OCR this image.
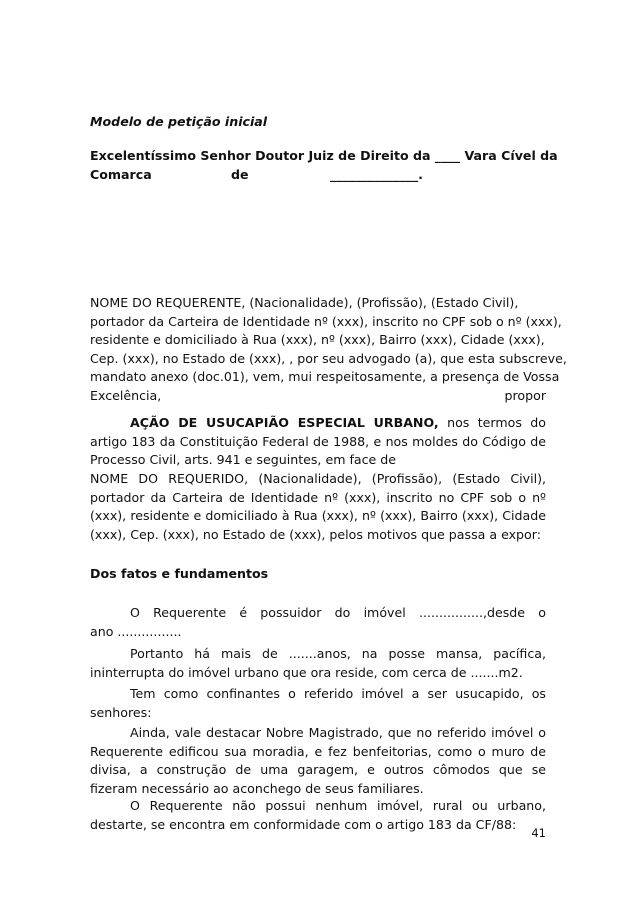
Modelo de petição inicial

Excelentíssimo Senhor Doutor Juiz de Direito da ____ Vara Cível da
Comarca	de	______________.
NOME DO REQUERENTE, (Nacionalidade), (Profissão), (Estado Civil),
portador da Carteira de Identidade nº (xxx), inscrito no CPF sob o nº (xxx),
residente e domiciliado à Rua (xxx), nº (xxx), Bairro (xxx), Cidade (xxx),
Cep. (xxx), no Estado de (xxx), , por seu advogado (a), que esta subscreve,
mandato anexo (doc.01), vem, mui respeitosamente, a presença de Vossa
Excelência,	propor

AÇÃO DE USUCAPIÃO ESPECIAL URBANO, nos termos do artigo 183 da Constituição Federal de 1988, e nos moldes do Código de Processo Civil, arts. 941 e seguintes, em face de

NOME DO REQUERIDO, (Nacionalidade), (Profissão), (Estado Civil), portador da Carteira de Identidade nº (xxx), inscrito no CPF sob o nº (xxx), residente e domiciliado à Rua (xxx), nº (xxx), Bairro (xxx), Cidade (xxx), Cep. (xxx), no Estado de (xxx), pelos motivos que passa a expor:

Dos fatos e fundamentos

O Requerente é possuidor do imóvel ................,desde o
ano ................

Portanto há mais de .......anos, na posse mansa, pacífica, ininterrupta do imóvel urbano que ora reside, com cerca de .......m2.

Tem como confinantes o referido imóvel a ser usucapido, os senhores:

Ainda, vale destacar Nobre Magistrado, que no referido imóvel o Requerente edificou sua moradia, e fez benfeitorias, como o muro de divisa, a construção de uma garagem, e outros cômodos que se fizeram necessário ao aconchego de seus familiares.

O Requerente não possui nenhum imóvel, rural ou urbano, destarte, se encontra em conformidade com o artigo 183 da CF/88:

41
